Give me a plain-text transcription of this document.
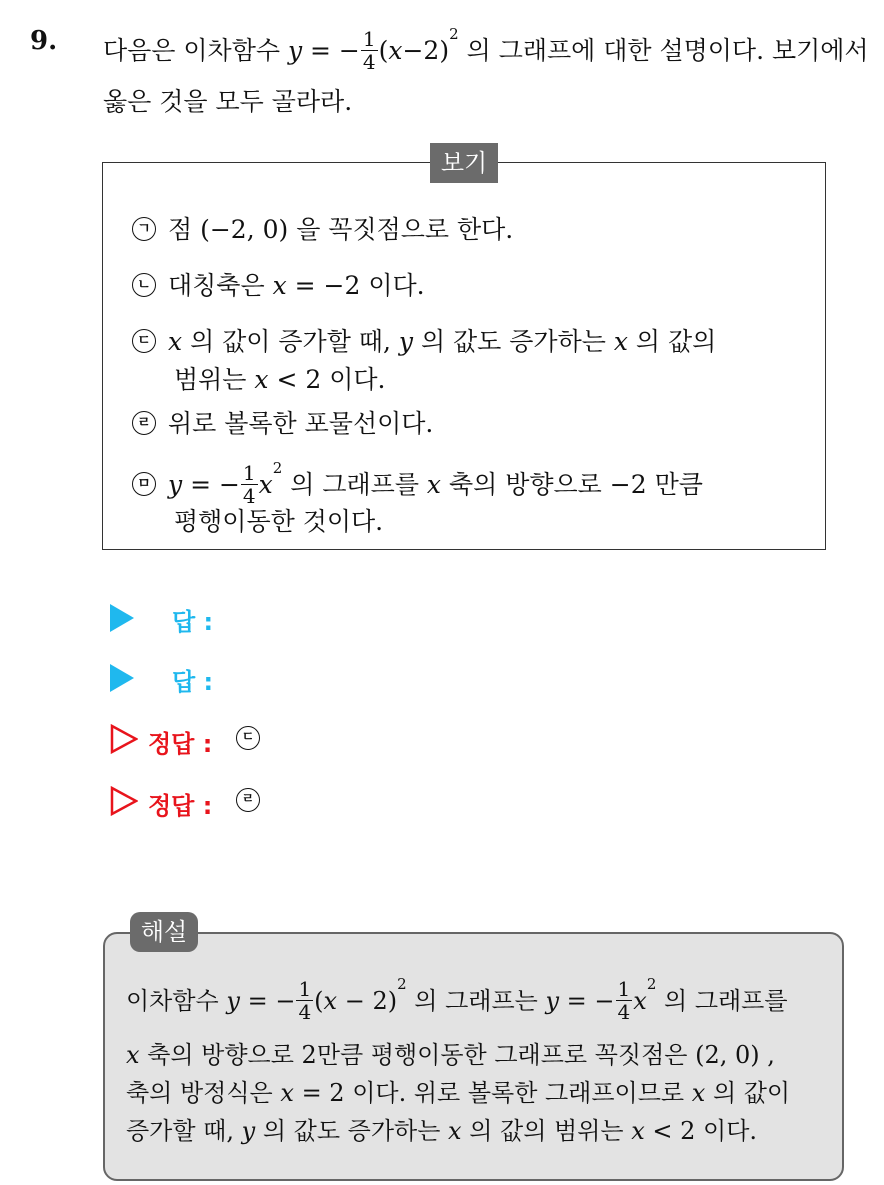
9. 다음은 이차함수 y = − $\frac{1}{4} (x-2)^2$ 의 그래프에 대한 설명이다. 보기에서
옳은 것을 모두 골라라.
보기
ㄱ 점 (−2, 0) 을 꼭짓점으로 한다.
ㄴ 대칭축은 x = −2 이다.
ㄷ x 의 값이 증가할 때, y 의 값도 증가하는 x 의 값의
범위는 x < 2 이다.
ㄹ 위로 볼록한 포물선이다.
ㅁ y = − $\frac{1}{4} x^2$ 의 그래프를 x 축의 방향으로 −2 만큼
평행이동한 것이다.
답 :
답 :
정답 :	ㄷ
정답 :	ㄹ
해설
이차함수 y = − $\frac{1}{4} (x - 2)^2$ 의 그래프는 y = − $\frac{1}{4} x^2$ 의 그래프를
x 축의 방향으로 2만큼 평행이동한 그래프로 꼭짓점은 (2, 0) ,
축의 방정식은 x = 2 이다. 위로 볼록한 그래프이므로 x 의 값이
증가할 때, y 의 값도 증가하는 x 의 값의 범위는 x < 2 이다.
